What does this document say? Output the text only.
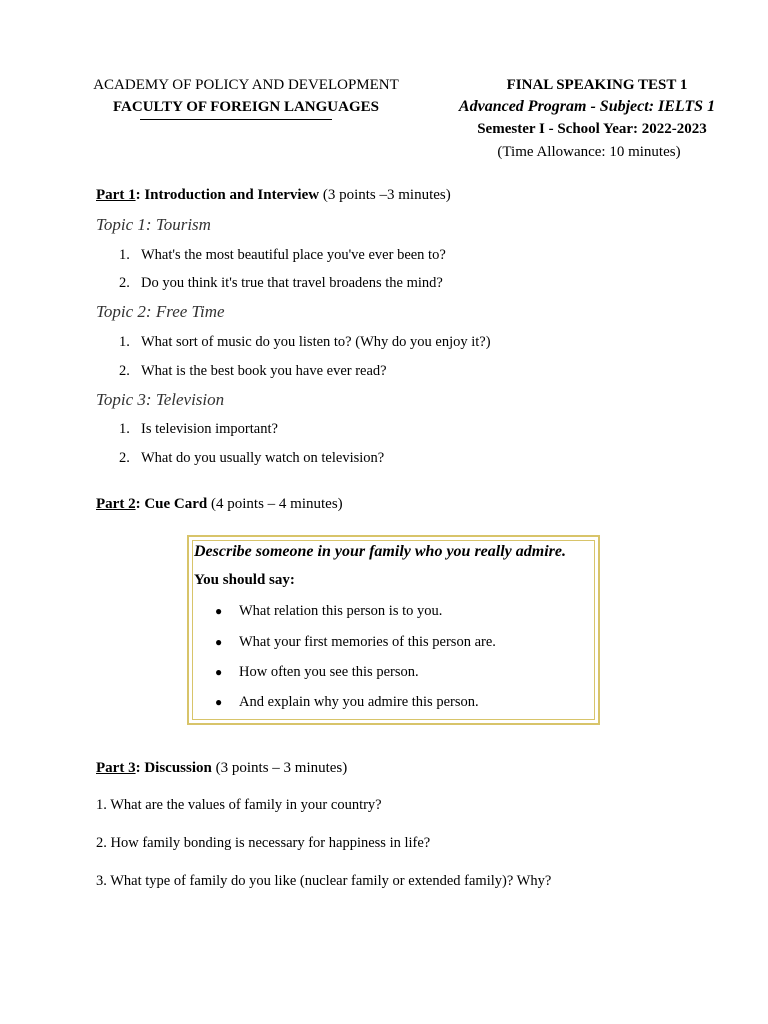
ACADEMY OF POLICY AND DEVELOPMENT
FACULTY OF FOREIGN LANGUAGES
FINAL SPEAKING TEST 1
Advanced Program - Subject: IELTS 1
Semester I - School Year: 2022-2023
(Time Allowance: 10 minutes)
Part 1: Introduction and Interview (3 points –3 minutes)
Topic 1: Tourism
1. What's the most beautiful place you've ever been to?
2. Do you think it's true that travel broadens the mind?
Topic 2: Free Time
1. What sort of music do you listen to? (Why do you enjoy it?)
2. What is the best book you have ever read?
Topic 3: Television
1. Is television important?
2. What do you usually watch on television?
Part 2: Cue Card (4 points – 4 minutes)
Describe someone in your family who you really admire.
You should say:
● What relation this person is to you.
● What your first memories of this person are.
● How often you see this person.
● And explain why you admire this person.
Part 3: Discussion (3 points – 3 minutes)
1. What are the values of family in your country?
2. How family bonding is necessary for happiness in life?
3. What type of family do you like (nuclear family or extended family)? Why?
